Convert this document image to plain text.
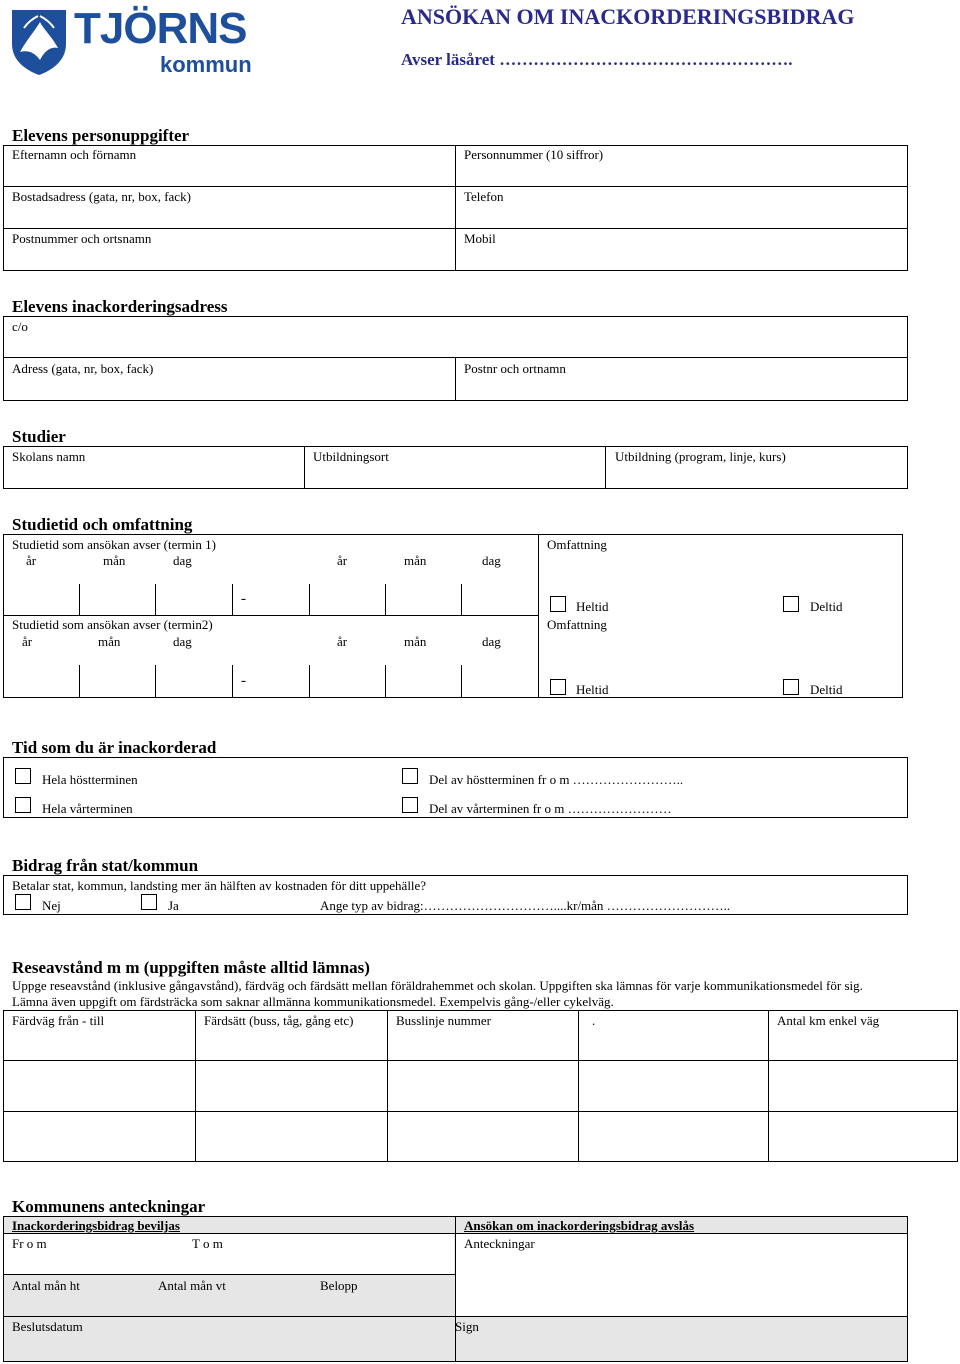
TJÖRNS
kommun
ANSÖKAN OM INACKORDERINGSBIDRAG
Avser läsåret …………………………………………….
Elevens personuppgifter
Efternamn och förnamn	Personnummer (10 siffror)
Bostadsadress (gata, nr, box, fack)	Telefon
Postnummer och ortsnamn	Mobil
Elevens inackorderingsadress
c/o
Adress (gata, nr, box, fack)	Postnr och ortnamn
Studier
Skolans namn	Utbildningsort	Utbildning (program, linje, kurs)
Studietid och omfattning
Studietid som ansökan avser (termin 1)
år	mån	dag	år	mån	dag
-
Omfattning
Heltid	Deltid
Studietid som ansökan avser (termin2)
år	mån	dag	år	mån	dag
-
Omfattning
Heltid	Deltid
Tid som du är inackorderad
Hela höstterminen	Del av höstterminen fr o m ……………………..
Hela vårterminen	Del av vårterminen fr o m ……………………
Bidrag från stat/kommun
Betalar stat, kommun, landsting mer än hälften av kostnaden för ditt uppehälle?
Nej	Ja	Ange typ av bidrag:…………………………....kr/mån ………………………..
Reseavstånd m m (uppgiften måste alltid lämnas)
Uppge reseavstånd (inklusive gångavstånd), färdväg och färdsätt mellan föräldrahemmet och skolan. Uppgiften ska lämnas för varje kommunikationsmedel för sig.
Lämna även uppgift om färdsträcka som saknar allmänna kommunikationsmedel. Exempelvis gång-/eller cykelväg.
Färdväg från - till	Färdsätt (buss, tåg, gång etc)	Busslinje nummer	.	Antal km enkel väg
Kommunens anteckningar
Inackorderingsbidrag beviljas	Ansökan om inackorderingsbidrag avslås
Fr o m	T o m	Anteckningar
Antal mån ht	Antal mån vt	Belopp
Beslutsdatum	Sign
